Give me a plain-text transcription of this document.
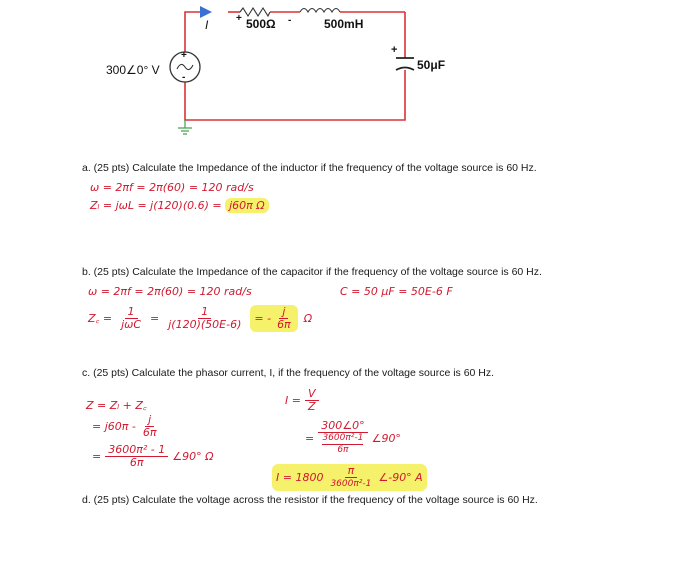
I	+ 500Ω -	500mH
+
50μF
300∠0° V
+
-
a. (25 pts) Calculate the Impedance of the inductor if the frequency of the voltage source is 60 Hz.
ω = 2πf = 2π(60) = 120 rad/s
Zₗ = jωL = j(120)(0.6) = j60π Ω
b. (25 pts) Calculate the Impedance of the capacitor if the frequency of the voltage source is 60 Hz.
ω = 2πf = 2π(60) = 120 rad/s	C = 50 μF = 50E-6 F
Z꜀ = $\frac{1}{\text{jωC}} = \frac{1}{j(120)(50E-6)}$ = - $\frac{j}{6\pi}$ Ω
c. (25 pts) Calculate the phasor current, I, if the frequency of the voltage source is 60 Hz.
Z = Zₗ + Z꜀
= $j60\pi - \frac{j}{6\pi}$
= $\frac{\text{3600π² - 1}}{6\pi}$ ∠90° Ω
$I = \frac{V}{Z}$
= $\frac{300\angle 0^\circ}{\frac{\text{3600π²-1}}{6\pi}}$ ∠90°
$I = 1800 \frac{\pi}{\text{3600π²-1}}$ ∠-90° A
d. (25 pts) Calculate the voltage across the resistor if the frequency of the voltage source is 60 Hz.
